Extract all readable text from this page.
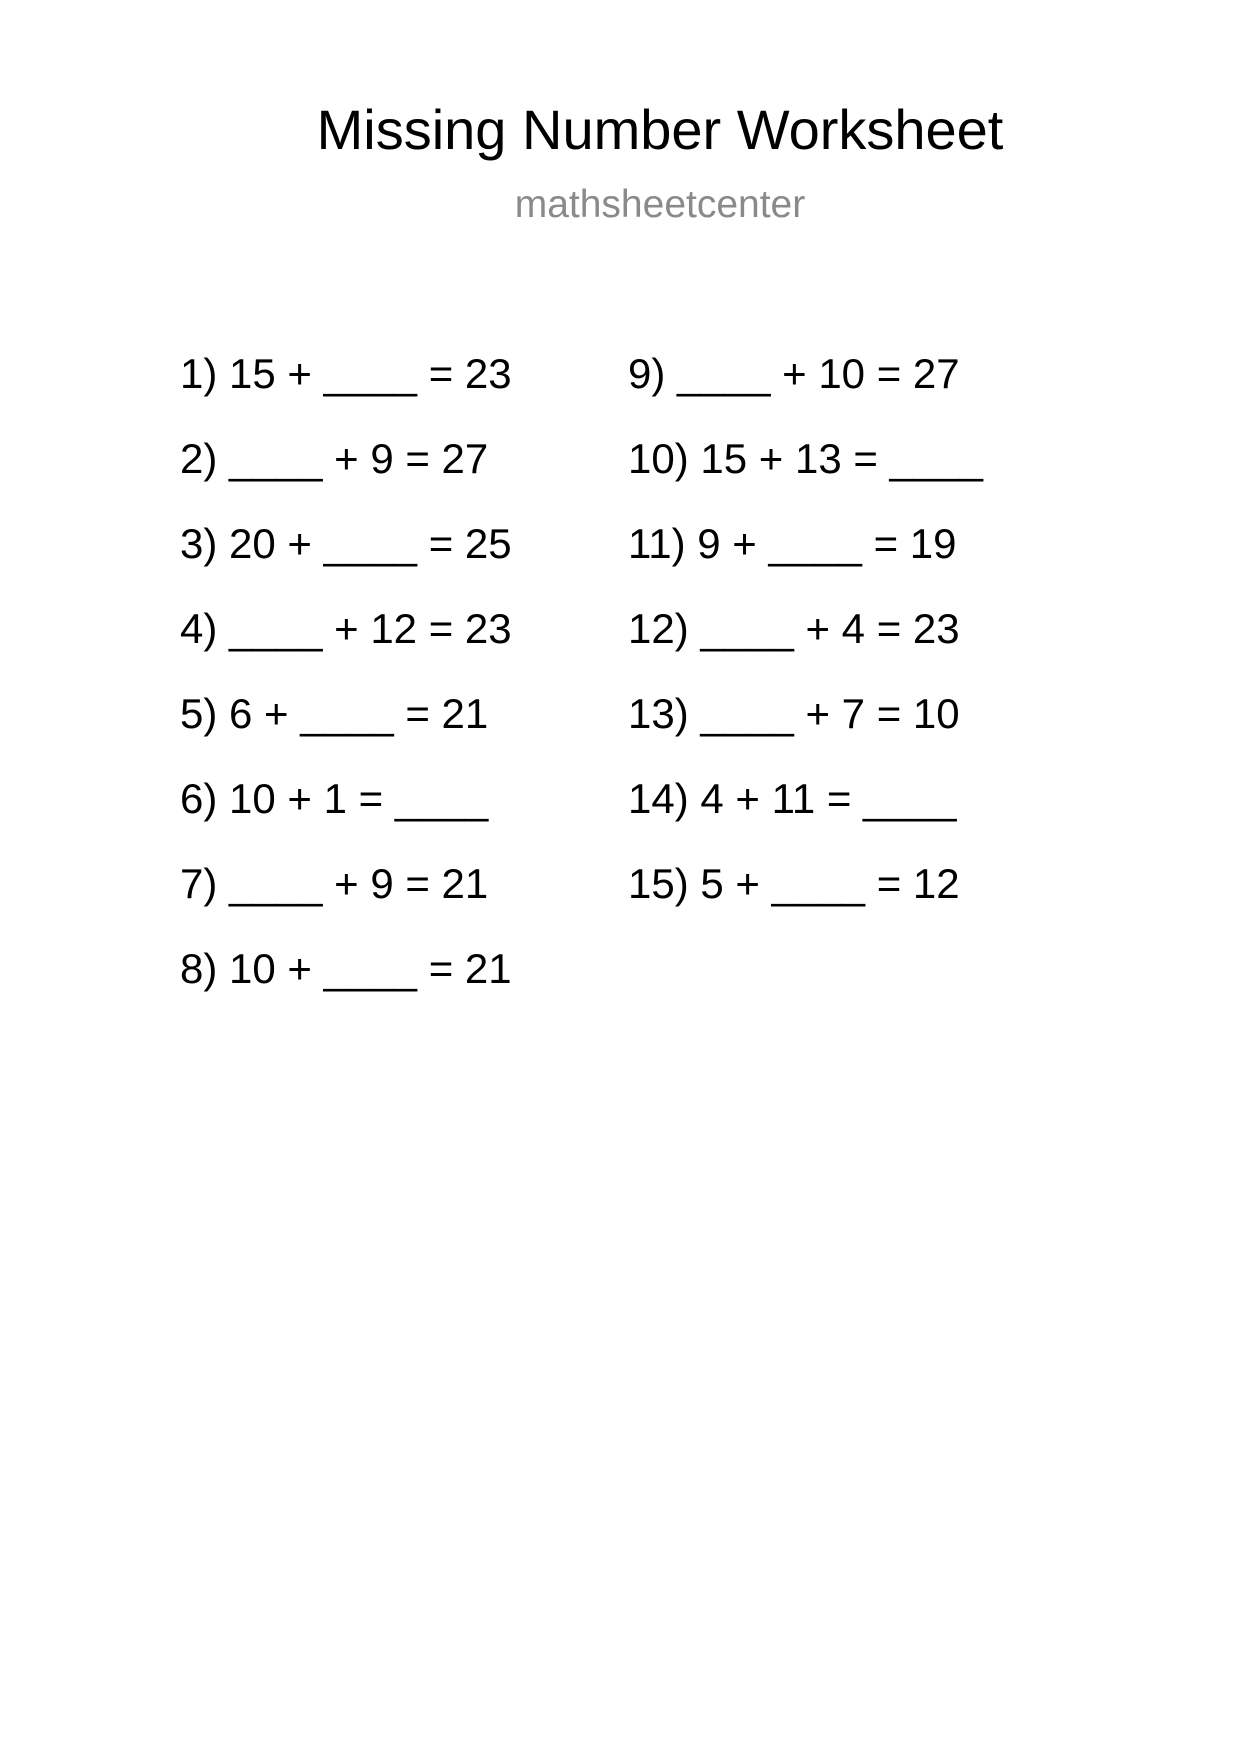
Missing Number Worksheet
mathsheetcenter
1) 15 + ____ = 23
2) ____ + 9 = 27
3) 20 + ____ = 25
4) ____ + 12 = 23
5) 6 + ____ = 21
6) 10 + 1 = ____
7) ____ + 9 = 21
8) 10 + ____ = 21
9) ____ + 10 = 27
10) 15 + 13 = ____
11) 9 + ____ = 19
12) ____ + 4 = 23
13) ____ + 7 = 10
14) 4 + 11 = ____
15) 5 + ____ = 12
